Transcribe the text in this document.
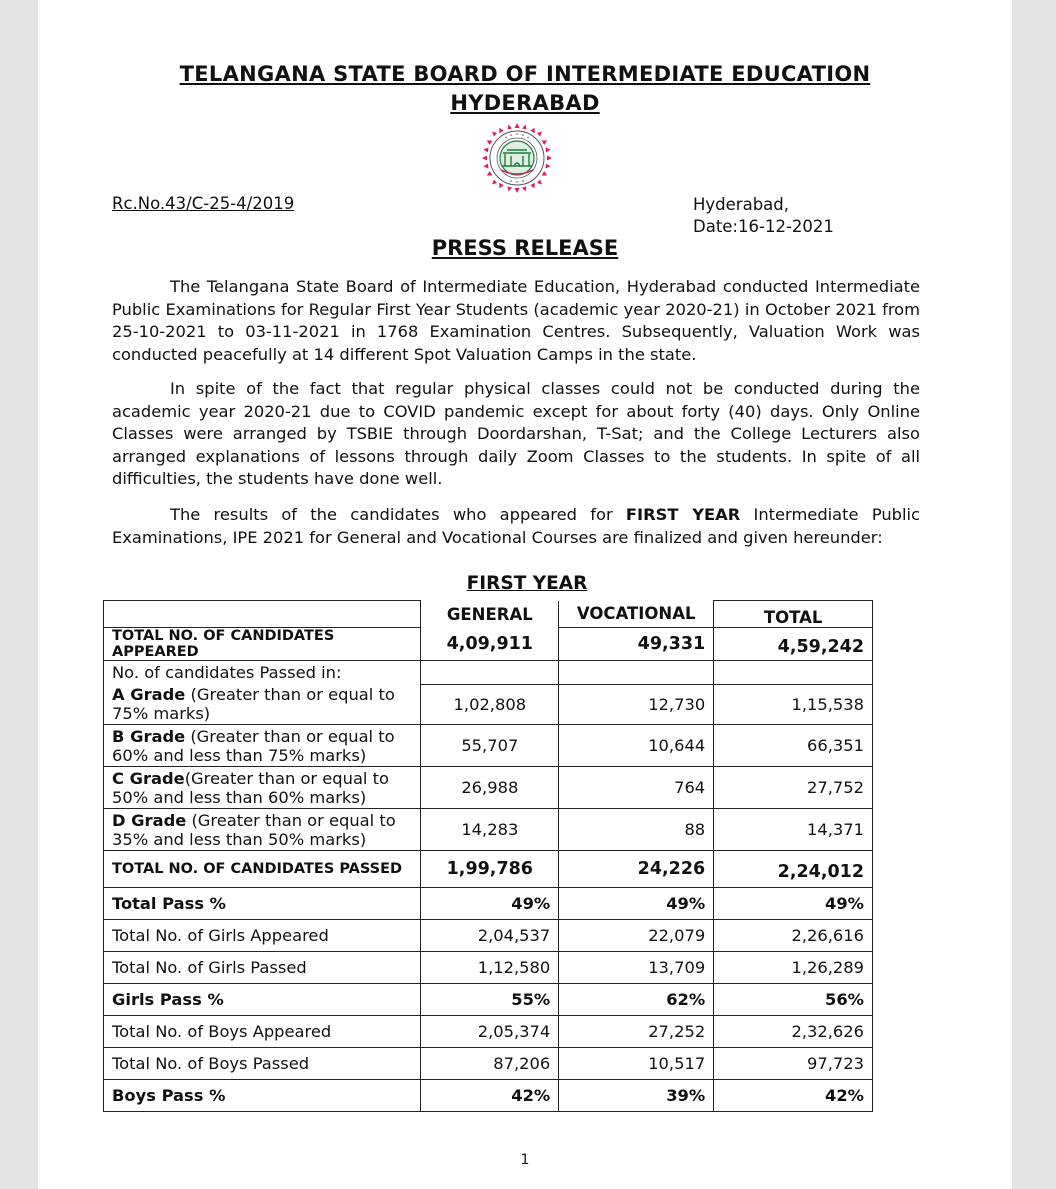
TELANGANA STATE BOARD OF INTERMEDIATE EDUCATION
HYDERABAD
Rc.No.43/C-25-4/2019	Hyderabad,
Date:16-12-2021
PRESS RELEASE
The Telangana State Board of Intermediate Education, Hyderabad conducted Intermediate Public Examinations for Regular First Year Students (academic year 2020-21) in October 2021 from 25-10-2021 to 03-11-2021 in 1768 Examination Centres. Subsequently, Valuation Work was conducted peacefully at 14 different Spot Valuation Camps in the state.
In spite of the fact that regular physical classes could not be conducted during the academic year 2020-21 due to COVID pandemic except for about forty (40) days. Only Online Classes were arranged by TSBIE through Doordarshan, T-Sat; and the College Lecturers also arranged explanations of lessons through daily Zoom Classes to the students. In spite of all difficulties, the students have done well.
The results of the candidates who appeared for FIRST YEAR Intermediate Public Examinations, IPE 2021 for General and Vocational Courses are finalized and given hereunder:
FIRST YEAR
	GENERAL	VOCATIONAL	TOTAL
TOTAL NO. OF CANDIDATES APPEARED	4,09,911	49,331	4,59,242
No. of candidates Passed in:			
A Grade (Greater than or equal to 75% marks)	1,02,808	12,730	1,15,538
B Grade (Greater than or equal to 60% and less than 75% marks)	55,707	10,644	66,351
C Grade(Greater than or equal to 50% and less than 60% marks)	26,988	764	27,752
D Grade (Greater than or equal to 35% and less than 50% marks)	14,283	88	14,371
TOTAL NO. OF CANDIDATES PASSED	1,99,786	24,226	2,24,012
Total Pass %	49%	49%	49%
Total No. of Girls Appeared	2,04,537	22,079	2,26,616
Total No. of Girls Passed	1,12,580	13,709	1,26,289
Girls Pass %	55%	62%	56%
Total No. of Boys Appeared	2,05,374	27,252	2,32,626
Total No. of Boys Passed	87,206	10,517	97,723
Boys Pass %	42%	39%	42%
1
